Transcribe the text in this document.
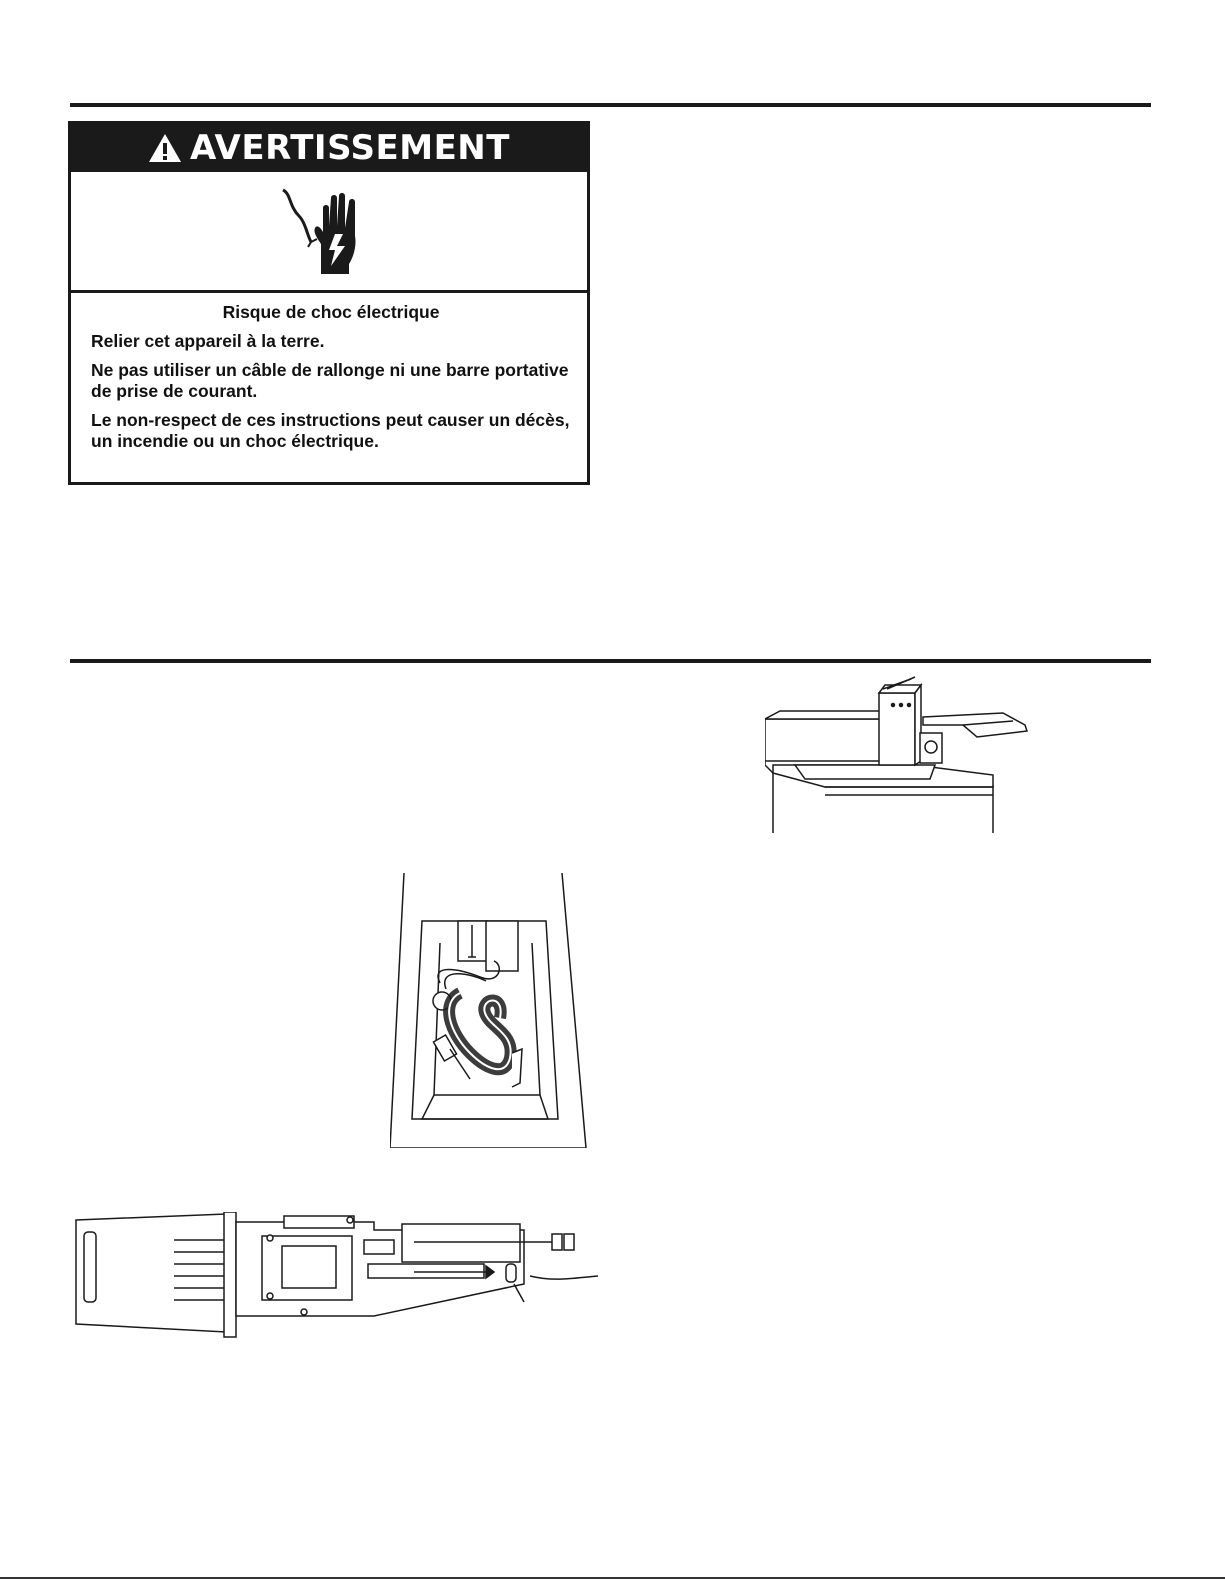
AVERTISSEMENT

Risque de choc électrique

Relier cet appareil à la terre.

Ne pas utiliser un câble de rallonge ni une barre portative de prise de courant.

Le non-respect de ces instructions peut causer un décès, un incendie ou un choc électrique.
